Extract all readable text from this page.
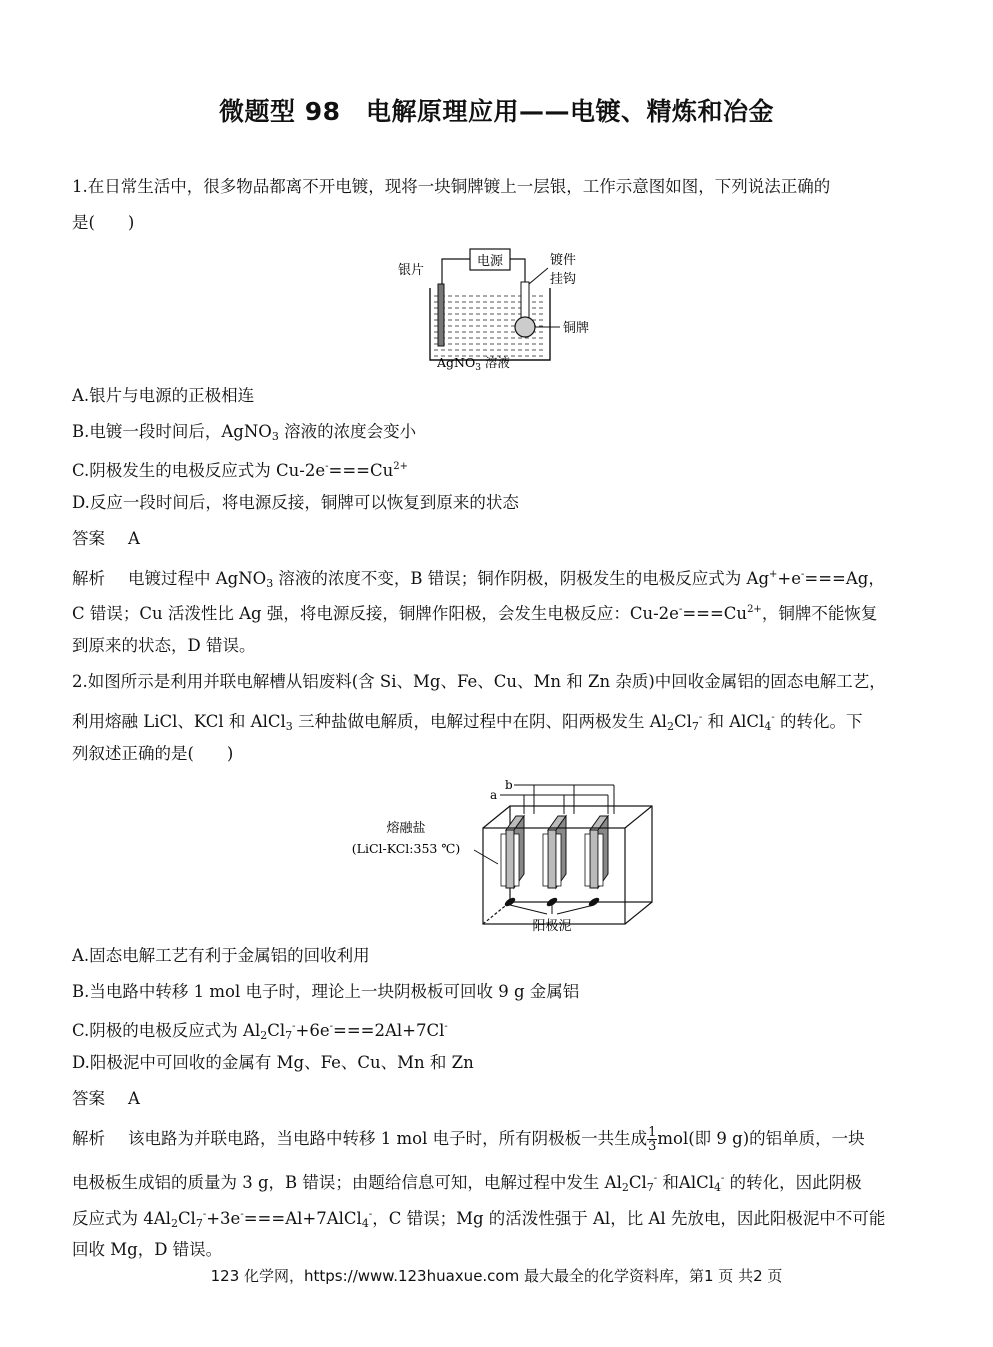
微题型 98　电解原理应用——电镀、精炼和冶金
1.在日常生活中，很多物品都离不开电镀，现将一块铜牌镀上一层银，工作示意图如图，下列说法正确的
是(　　)
电源
银片
镀件
挂钩
铜牌
AgNO$_3$ 溶液
A.银片与电源的正极相连
B.电镀一段时间后，AgNO$_3$ 溶液的浓度会变小
C.阴极发生的电极反应式为 $Cu-2e^-===Cu^{2+}$
D.反应一段时间后，将电源反接，铜牌可以恢复到原来的状态
答案 A
解析 电镀过程中 AgNO$_3$ 溶液的浓度不变，B 错误；铜作阴极，阴极发生的电极反应式为 Ag++e-===Ag，
C 错误；Cu 活泼性比 Ag 强，将电源反接，铜牌作阳极，会发生电极反应：$Cu-2e^-===Cu^{2+}$，铜牌不能恢复
到原来的状态，D 错误。
2.如图所示是利用并联电解槽从铝废料(含 Si、Mg、Fe、Cu、Mn 和 Zn 杂质)中回收金属铝的固态电解工艺，
利用熔融 LiCl、KCl 和 AlCl$_3$ 三种盐做电解质，电解过程中在阴、阳两极发生 $Al_2Cl_7^-$ 和 AlCl$_4$- 的转化。下
列叙述正确的是(　　)
a
b
阳极泥
熔融盐
(LiCl-KCl:353 ℃)
A.固态电解工艺有利于金属铝的回收利用
B.当电路中转移 1 mol 电子时，理论上一块阴极板可回收 9 g 金属铝
C.阴极的电极反应式为 $Al_2Cl_7^-+6e^-===2Al+7Cl^-$
D.阳极泥中可回收的金属有 Mg、Fe、Cu、Mn 和 Zn
答案 A
解析 该电路为并联电路，当电路中转移 1 mol 电子时，所有阴极板一共生成 $\frac{1}{3} mol$(即 9 g)的铝单质，一块
电极板生成铝的质量为 3 g，B 错误；由题给信息可知，电解过程中发生 $Al_2Cl_7^-$ 和AlCl$_4$- 的转化，因此阴极
反应式为 $4Al_2Cl_7^-+3e^-===Al+7AlCl_4^-$，C 错误；Mg 的活泼性强于 Al，比 Al 先放电，因此阳极泥中不可能
回收 Mg，D 错误。
123 化学网，https://www.123huaxue.com 最大最全的化学资料库，第1 页 共2 页
